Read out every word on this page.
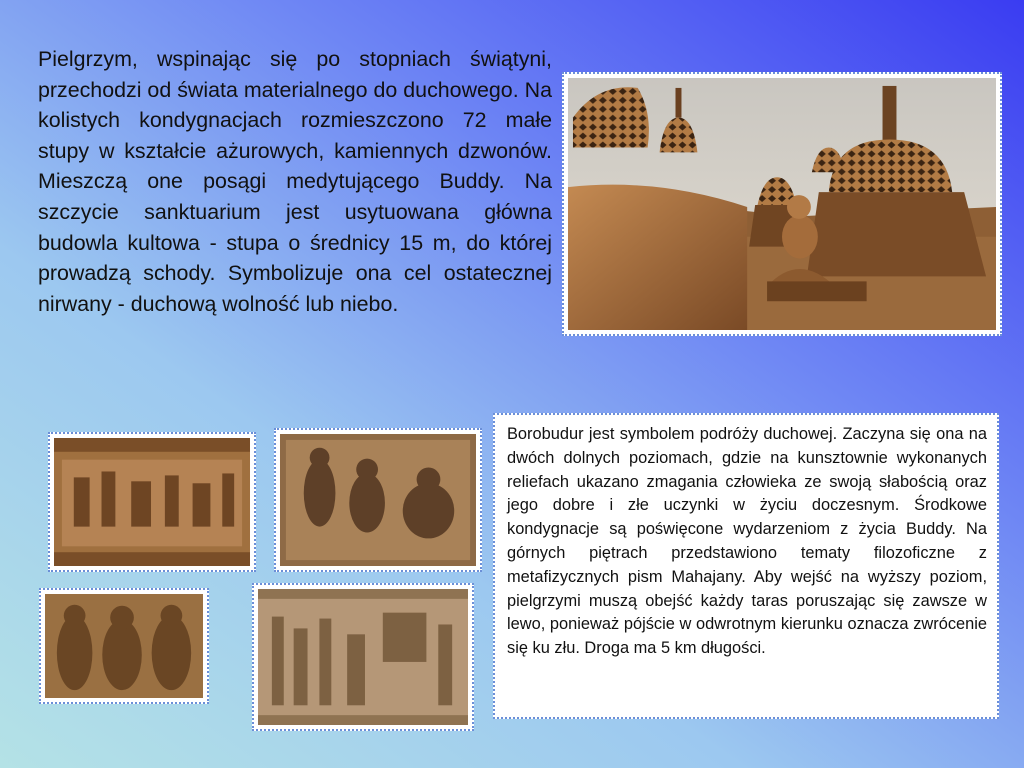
Pielgrzym, wspinając się po stopniach świątyni, przechodzi od świata materialnego do duchowego. Na kolistych kondygnacjach rozmieszczono 72 małe stupy w kształcie ażurowych, kamiennych dzwonów. Mieszczą one posągi medytującego Buddy. Na szczycie sanktuarium jest usytuowana główna budowla kultowa - stupa o średnicy 15 m, do której prowadzą schody. Symbolizuje ona cel ostatecznej nirwany - duchową wolność lub niebo.

Borobudur jest symbolem podróży duchowej. Zaczyna się ona na dwóch dolnych poziomach, gdzie na kunsztownie wykonanych reliefach ukazano zmagania człowieka ze swoją słabością oraz jego dobre i złe uczynki w życiu doczesnym. Środkowe kondygnacje są poświęcone wydarzeniom z życia Buddy. Na górnych piętrach przedstawiono tematy filozoficzne z metafizycznych pism Mahajany. Aby wejść na wyższy poziom, pielgrzymi muszą obejść każdy taras poruszając się zawsze w lewo, ponieważ pójście w odwrotnym kierunku oznacza zwrócenie się ku złu. Droga ma 5 km długości.
